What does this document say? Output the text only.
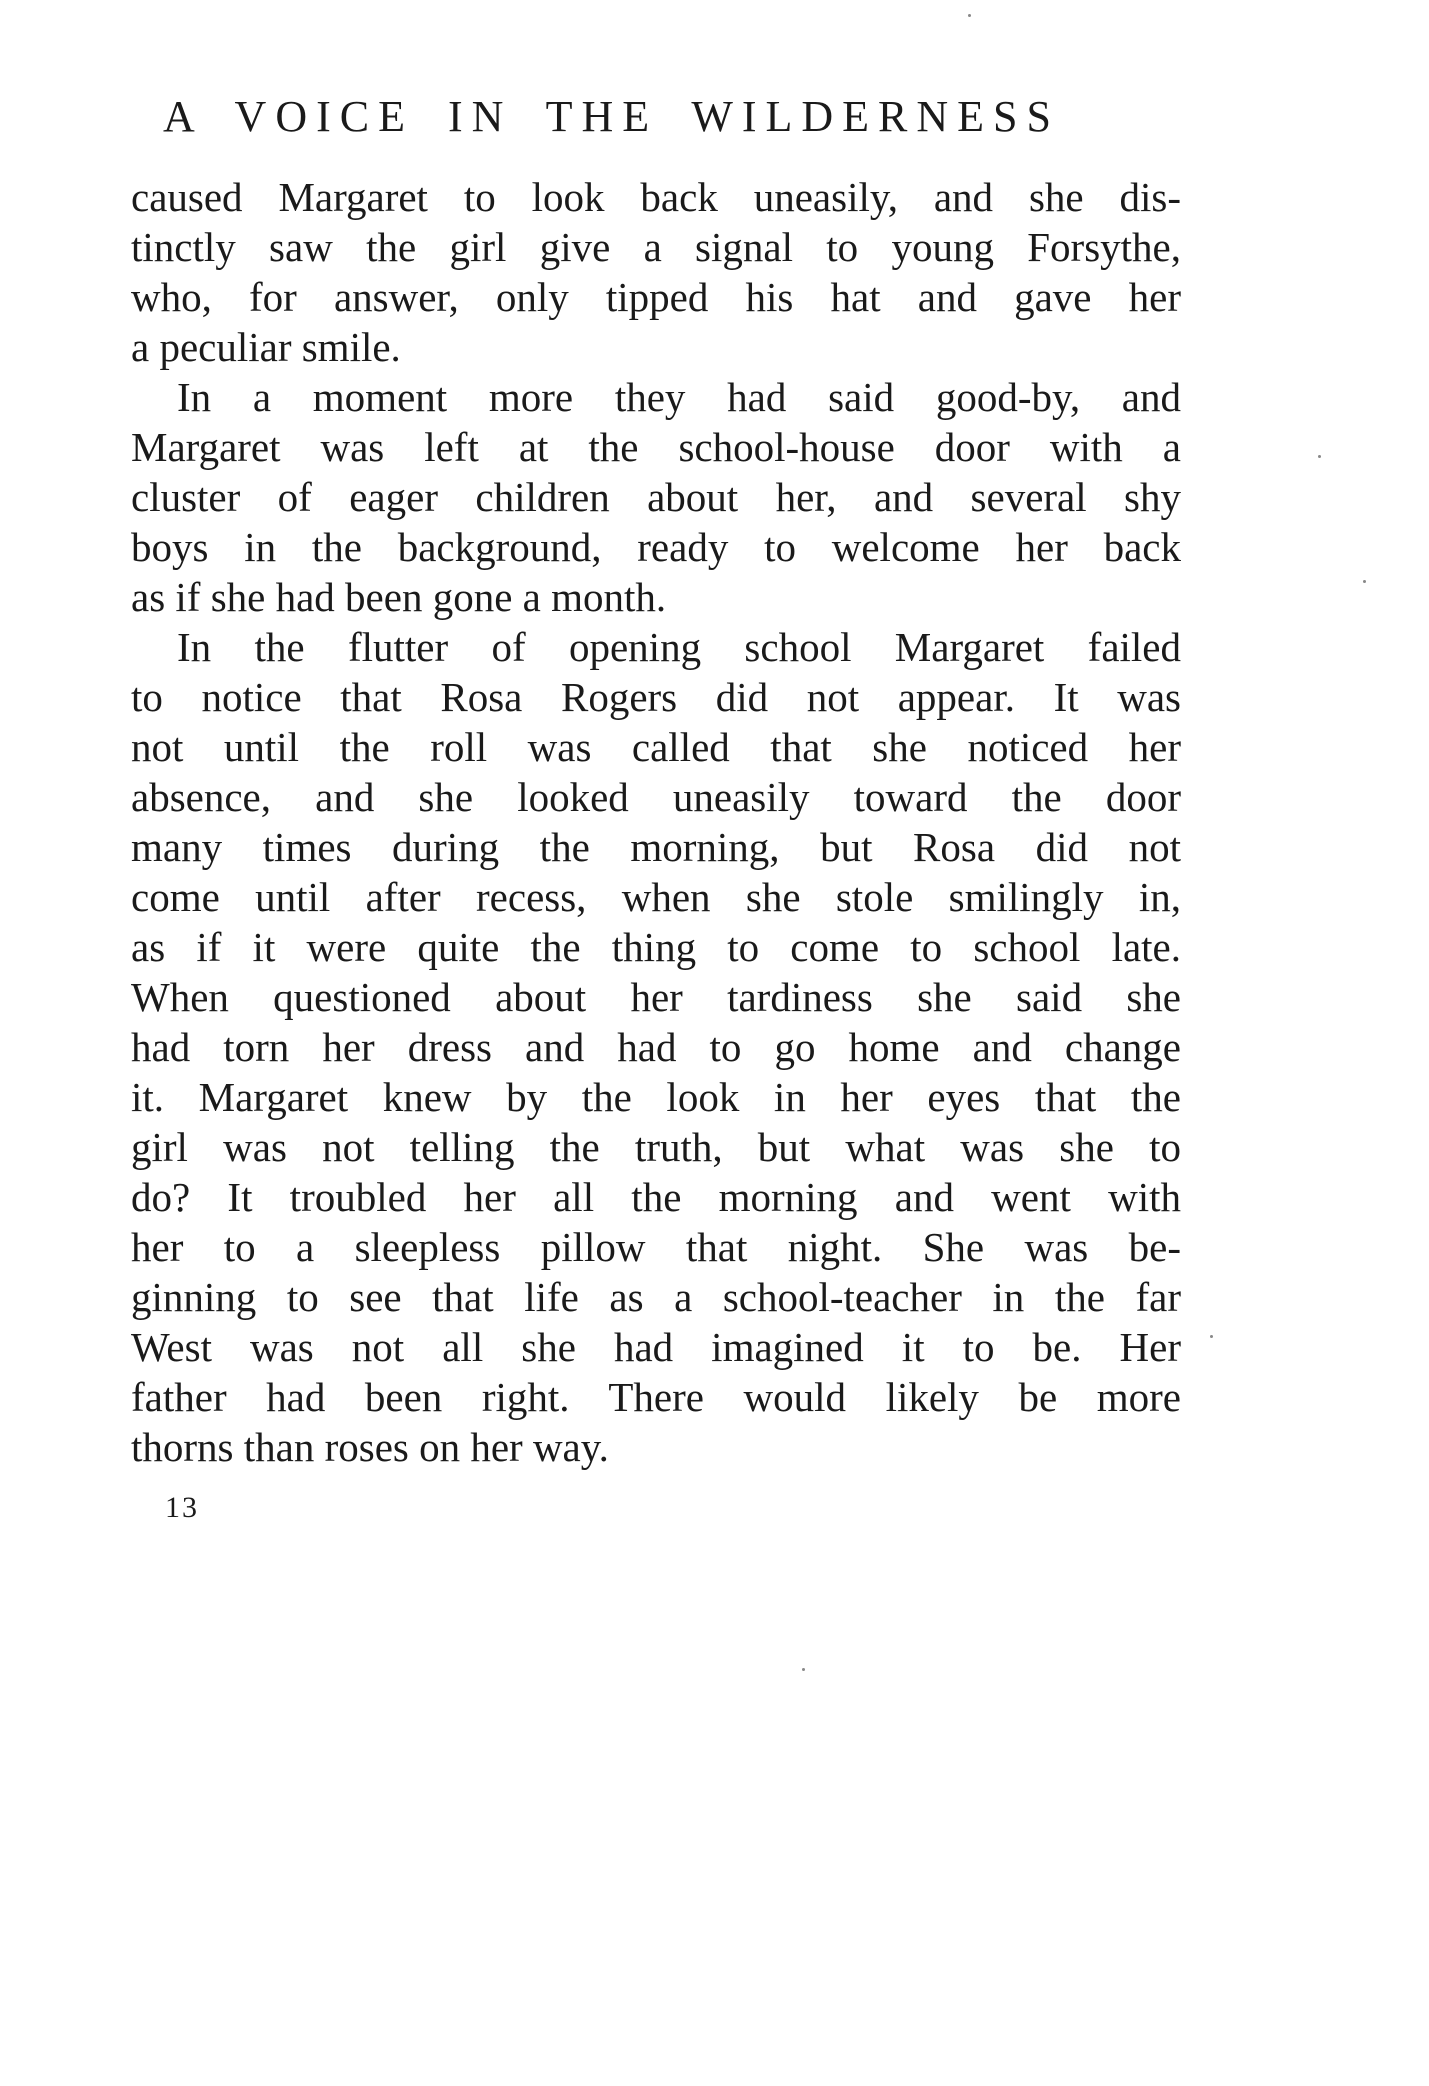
A VOICE IN THE WILDERNESS
caused Margaret to look back uneasily, and she dis-
tinctly saw the girl give a signal to young Forsythe,
who, for answer, only tipped his hat and gave her
a peculiar smile.
In a moment more they had said good-by, and
Margaret was left at the school-house door with a
cluster of eager children about her, and several shy
boys in the background, ready to welcome her back
as if she had been gone a month.
In the flutter of opening school Margaret failed
to notice that Rosa Rogers did not appear. It was
not until the roll was called that she noticed her
absence, and she looked uneasily toward the door
many times during the morning, but Rosa did not
come until after recess, when she stole smilingly in,
as if it were quite the thing to come to school late.
When questioned about her tardiness she said she
had torn her dress and had to go home and change
it. Margaret knew by the look in her eyes that the
girl was not telling the truth, but what was she to
do? It troubled her all the morning and went with
her to a sleepless pillow that night. She was be-
ginning to see that life as a school-teacher in the far
West was not all she had imagined it to be. Her
father had been right. There would likely be more
thorns than roses on her way.
13
